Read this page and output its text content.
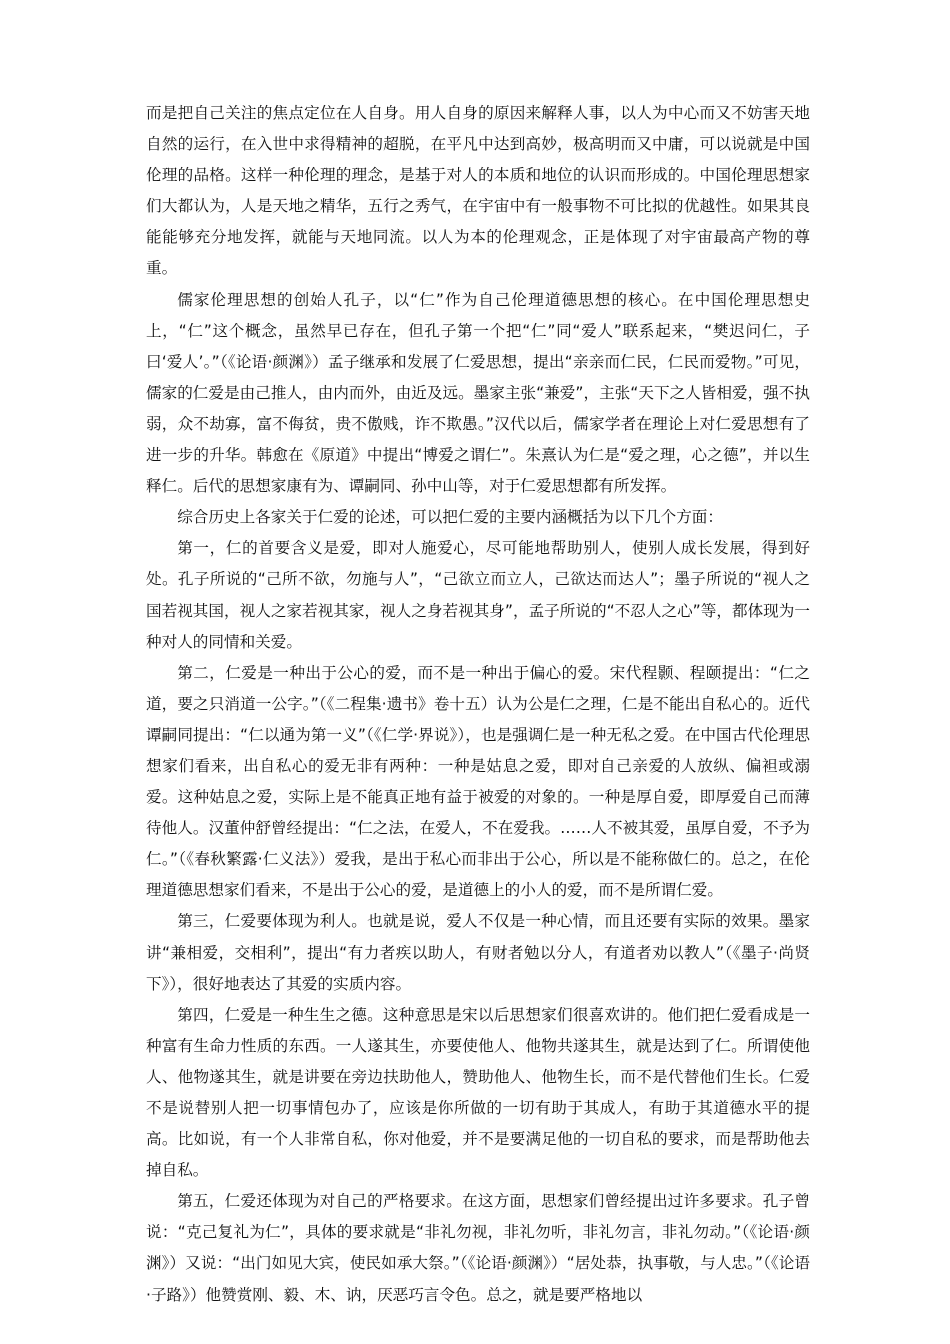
而是把自己关注的焦点定位在人自身。用人自身的原因来解释人事，以人为中心而又不妨害天地自然的运行，在入世中求得精神的超脱，在平凡中达到高妙，极高明而又中庸，可以说就是中国伦理的品格。这样一种伦理的理念，是基于对人的本质和地位的认识而形成的。中国伦理思想家们大都认为，人是天地之精华，五行之秀气，在宇宙中有一般事物不可比拟的优越性。如果其良能能够充分地发挥，就能与天地同流。以人为本的伦理观念，正是体现了对宇宙最高产物的尊重。

儒家伦理思想的创始人孔子，以“仁”作为自己伦理道德思想的核心。在中国伦理思想史上，“仁”这个概念，虽然早已存在，但孔子第一个把“仁”同“爱人”联系起来，“樊迟问仁，子曰‘爱人’。”（《论语·颜渊》）孟子继承和发展了仁爱思想，提出“亲亲而仁民，仁民而爱物。”可见，儒家的仁爱是由己推人，由内而外，由近及远。墨家主张“兼爱”，主张“天下之人皆相爱，强不执弱，众不劫寡，富不侮贫，贵不傲贱，诈不欺愚。”汉代以后，儒家学者在理论上对仁爱思想有了进一步的升华。韩愈在《原道》中提出“博爱之谓仁”。朱熹认为仁是“爱之理，心之德”，并以生释仁。后代的思想家康有为、谭嗣同、孙中山等，对于仁爱思想都有所发挥。

综合历史上各家关于仁爱的论述，可以把仁爱的主要内涵概括为以下几个方面：

第一，仁的首要含义是爱，即对人施爱心，尽可能地帮助别人，使别人成长发展，得到好处。孔子所说的“己所不欲，勿施与人”，“己欲立而立人，己欲达而达人”；墨子所说的“视人之国若视其国，视人之家若视其家，视人之身若视其身”，孟子所说的“不忍人之心”等，都体现为一种对人的同情和关爱。

第二，仁爱是一种出于公心的爱，而不是一种出于偏心的爱。宋代程颢、程颐提出：“仁之道，要之只消道一公字。”（《二程集·遗书》卷十五）认为公是仁之理，仁是不能出自私心的。近代谭嗣同提出：“仁以通为第一义”（《仁学·界说》），也是强调仁是一种无私之爱。在中国古代伦理思想家们看来，出自私心的爱无非有两种：一种是姑息之爱，即对自己亲爱的人放纵、偏袒或溺爱。这种姑息之爱，实际上是不能真正地有益于被爱的对象的。一种是厚自爱，即厚爱自己而薄待他人。汉董仲舒曾经提出：“仁之法，在爱人，不在爱我。……人不被其爱，虽厚自爱，不予为仁。”（《春秋繁露·仁义法》）爱我，是出于私心而非出于公心，所以是不能称做仁的。总之，在伦理道德思想家们看来，不是出于公心的爱，是道德上的小人的爱，而不是所谓仁爱。

第三，仁爱要体现为利人。也就是说，爱人不仅是一种心情，而且还要有实际的效果。墨家讲“兼相爱，交相利”，提出“有力者疾以助人，有财者勉以分人，有道者劝以教人”（《墨子·尚贤下》），很好地表达了其爱的实质内容。

第四，仁爱是一种生生之德。这种意思是宋以后思想家们很喜欢讲的。他们把仁爱看成是一种富有生命力性质的东西。一人遂其生，亦要使他人、他物共遂其生，就是达到了仁。所谓使他人、他物遂其生，就是讲要在旁边扶助他人，赞助他人、他物生长，而不是代替他们生长。仁爱不是说替别人把一切事情包办了，应该是你所做的一切有助于其成人，有助于其道德水平的提高。比如说，有一个人非常自私，你对他爱，并不是要满足他的一切自私的要求，而是帮助他去掉自私。

第五，仁爱还体现为对自己的严格要求。在这方面，思想家们曾经提出过许多要求。孔子曾说：“克己复礼为仁”，具体的要求就是“非礼勿视，非礼勿听，非礼勿言，非礼勿动。”（《论语·颜渊》）又说：“出门如见大宾，使民如承大祭。”（《论语·颜渊》）“居处恭，执事敬，与人忠。”（《论语·子路》）他赞赏刚、毅、木、讷，厌恶巧言令色。总之，就是要严格地以
